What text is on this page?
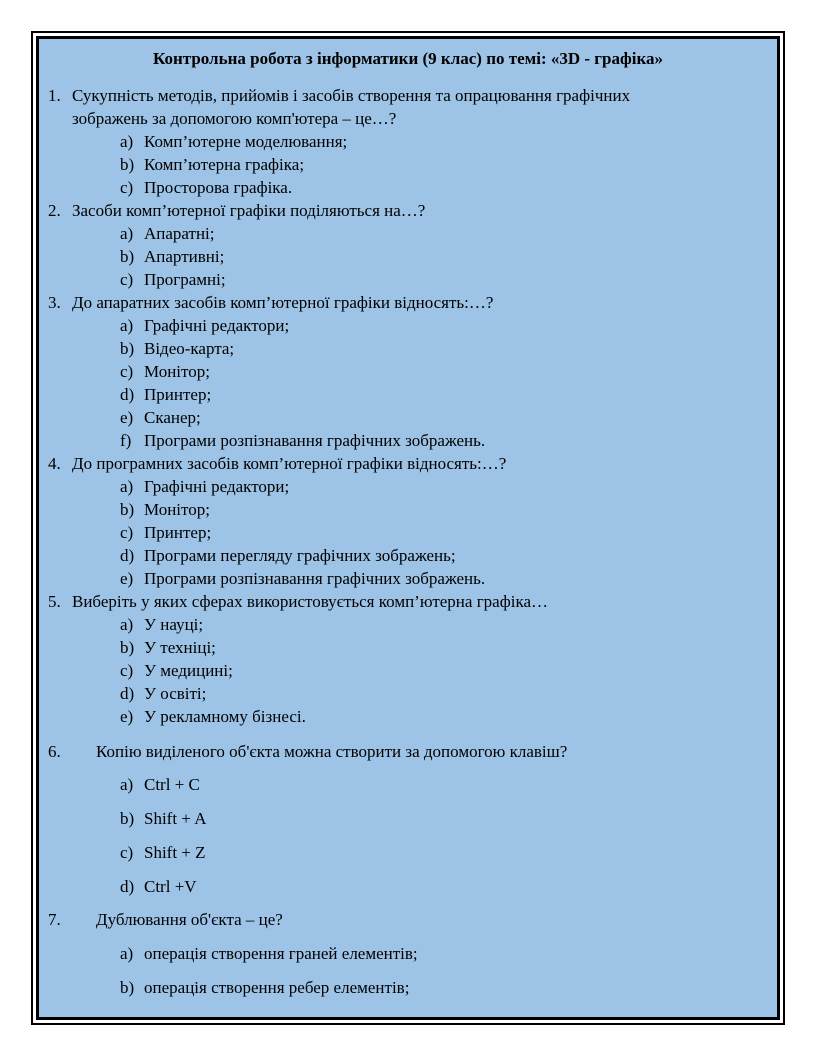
Контрольна робота з інформатики (9 клас) по темі: «3D - графіка»
1. Сукупність методів, прийомів і засобів створення та опрацювання графічних
зображень за допомогою комп'ютера – це…?
a) Комп’ютерне моделювання;
b) Комп’ютерна графіка;
c) Просторова графіка.
2. Засоби комп’ютерної графіки поділяються на…?
a) Апаратні;
b) Апартивні;
c) Програмні;
3. До апаратних засобів комп’ютерної графіки відносять:…?
a) Графічні редактори;
b) Відео-карта;
c) Монітор;
d) Принтер;
e) Сканер;
f) Програми розпізнавання графічних зображень.
4. До програмних засобів комп’ютерної графіки відносять:…?
a) Графічні редактори;
b) Монітор;
c) Принтер;
d) Програми перегляду графічних зображень;
e) Програми розпізнавання графічних зображень.
5. Виберіть у яких сферах використовується комп’ютерна графіка…
a) У науці;
b) У техніці;
c) У медицині;
d) У освіті;
e) У рекламному бізнесі.
6. Копію виділеного об'єкта можна створити за допомогою клавіш?
a) Ctrl + C
b) Shift + A
c) Shift + Z
d) Ctrl +V
7. Дублювання об'єкта – це?
a) операція створення граней елементів;
b) операція створення ребер елементів;
